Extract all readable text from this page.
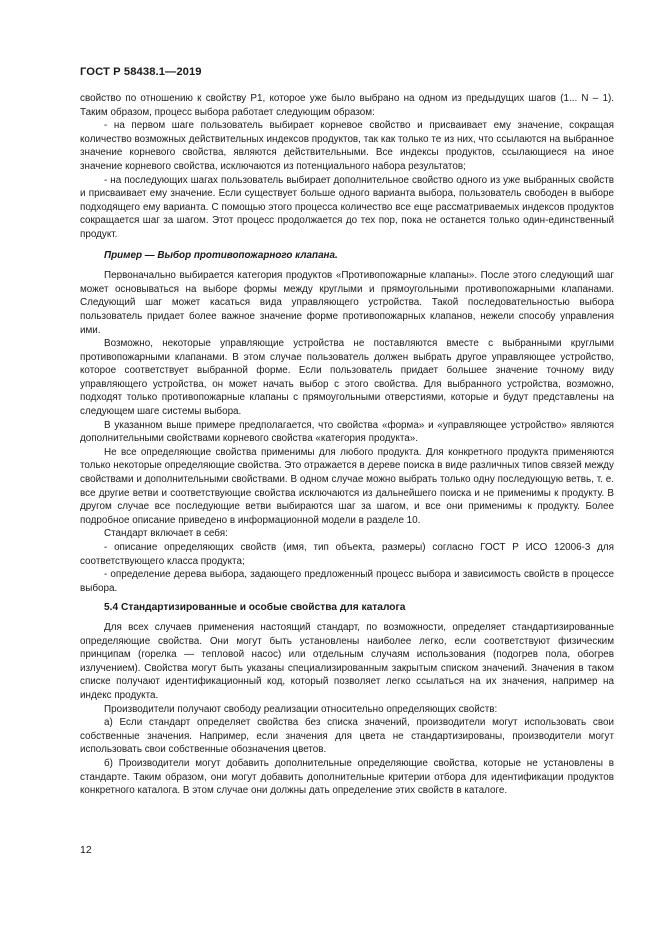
ГОСТ Р 58438.1—2019

свойство по отношению к свойству P1, которое уже было выбрано на одном из предыдущих шагов (1... N – 1). Таким образом, процесс выбора работает следующим образом:

- на первом шаге пользователь выбирает корневое свойство и присваивает ему значение, сокращая количество возможных действительных индексов продуктов, так как только те из них, что ссылаются на выбранное значение корневого свойства, являются действительными. Все индексы продуктов, ссылающиеся на иное значение корневого свойства, исключаются из потенциального набора результатов;

- на последующих шагах пользователь выбирает дополнительное свойство одного из уже выбранных свойств и присваивает ему значение. Если существует больше одного варианта выбора, пользователь свободен в выборе подходящего ему варианта. С помощью этого процесса количество все еще рассматриваемых индексов продуктов сокращается шаг за шагом. Этот процесс продолжается до тех пор, пока не останется только один-единственный продукт.

Пример — Выбор противопожарного клапана.

Первоначально выбирается категория продуктов «Противопожарные клапаны». После этого следующий шаг может основываться на выборе формы между круглыми и прямоугольными противопожарными клапанами. Следующий шаг может касаться вида управляющего устройства. Такой последовательностью выбора пользователь придает более важное значение форме противопожарных клапанов, нежели способу управления ими.

Возможно, некоторые управляющие устройства не поставляются вместе с выбранными круглыми противопожарными клапанами. В этом случае пользователь должен выбрать другое управляющее устройство, которое соответствует выбранной форме. Если пользователь придает большее значение точному виду управляющего устройства, он может начать выбор с этого свойства. Для выбранного устройства, возможно, подходят только противопожарные клапаны с прямоугольными отверстиями, которые и будут представлены на следующем шаге системы выбора.

В указанном выше примере предполагается, что свойства «форма» и «управляющее устройство» являются дополнительными свойствами корневого свойства «категория продукта».

Не все определяющие свойства применимы для любого продукта. Для конкретного продукта применяются только некоторые определяющие свойства. Это отражается в дереве поиска в виде различных типов связей между свойствами и дополнительными свойствами. В одном случае можно выбрать только одну последующую ветвь, т. е. все другие ветви и соответствующие свойства исключаются из дальнейшего поиска и не применимы к продукту. В другом случае все последующие ветви выбираются шаг за шагом, и все они применимы к продукту. Более подробное описание приведено в информационной модели в разделе 10.

Стандарт включает в себя:

- описание определяющих свойств (имя, тип объекта, размеры) согласно ГОСТ Р ИСО 12006-3 для соответствующего класса продукта;

- определение дерева выбора, задающего предложенный процесс выбора и зависимость свойств в процессе выбора.

5.4 Стандартизированные и особые свойства для каталога

Для всех случаев применения настоящий стандарт, по возможности, определяет стандартизированные определяющие свойства. Они могут быть установлены наиболее легко, если соответствуют физическим принципам (горелка — тепловой насос) или отдельным случаям использования (подогрев пола, обогрев излучением). Свойства могут быть указаны специализированным закрытым списком значений. Значения в таком списке получают идентификационный код, который позволяет легко ссылаться на их значения, например на индекс продукта.

Производители получают свободу реализации относительно определяющих свойств:

а) Если стандарт определяет свойства без списка значений, производители могут использовать свои собственные значения. Например, если значения для цвета не стандартизированы, производители могут использовать свои собственные обозначения цветов.

б) Производители могут добавить дополнительные определяющие свойства, которые не установлены в стандарте. Таким образом, они могут добавить дополнительные критерии отбора для идентификации продуктов конкретного каталога. В этом случае они должны дать определение этих свойств в каталоге.

12
